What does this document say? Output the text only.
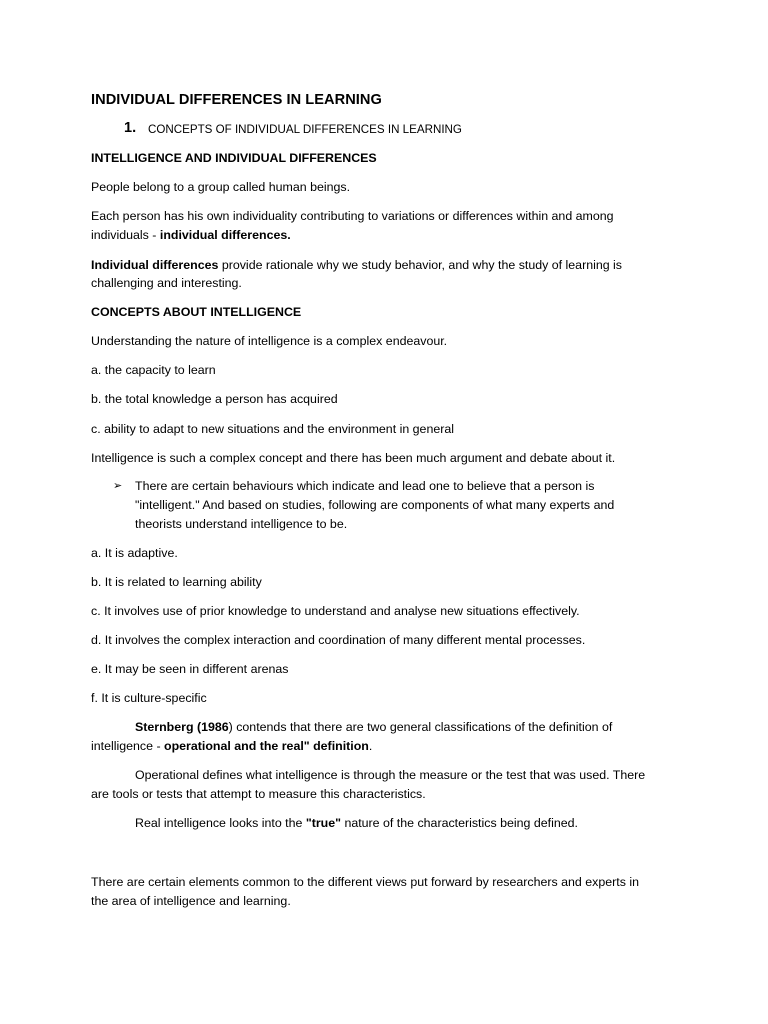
INDIVIDUAL DIFFERENCES IN LEARNING
1. CONCEPTS OF INDIVIDUAL DIFFERENCES IN LEARNING
INTELLIGENCE AND INDIVIDUAL DIFFERENCES
People belong to a group called human beings.
Each person has his own individuality contributing to variations or differences within and among
individuals - individual differences.
Individual differences provide rationale why we study behavior, and why the study of learning is
challenging and interesting.
CONCEPTS ABOUT INTELLIGENCE
Understanding the nature of intelligence is a complex endeavour.
a. the capacity to learn
b. the total knowledge a person has acquired
c. ability to adapt to new situations and the environment in general
Intelligence is such a complex concept and there has been much argument and debate about it.
➢ There are certain behaviours which indicate and lead one to believe that a person is
"intelligent." And based on studies, following are components of what many experts and
theorists understand intelligence to be.
a. It is adaptive.
b. It is related to learning ability
c. It involves use of prior knowledge to understand and analyse new situations effectively.
d. It involves the complex interaction and coordination of many different mental processes.
e. It may be seen in different arenas
f. It is culture-specific
Sternberg (1986) contends that there are two general classifications of the definition of
intelligence - operational and the real" definition.
Operational defines what intelligence is through the measure or the test that was used. There
are tools or tests that attempt to measure this characteristics.
Real intelligence looks into the "true" nature of the characteristics being defined.
There are certain elements common to the different views put forward by researchers and experts in
the area of intelligence and learning.
